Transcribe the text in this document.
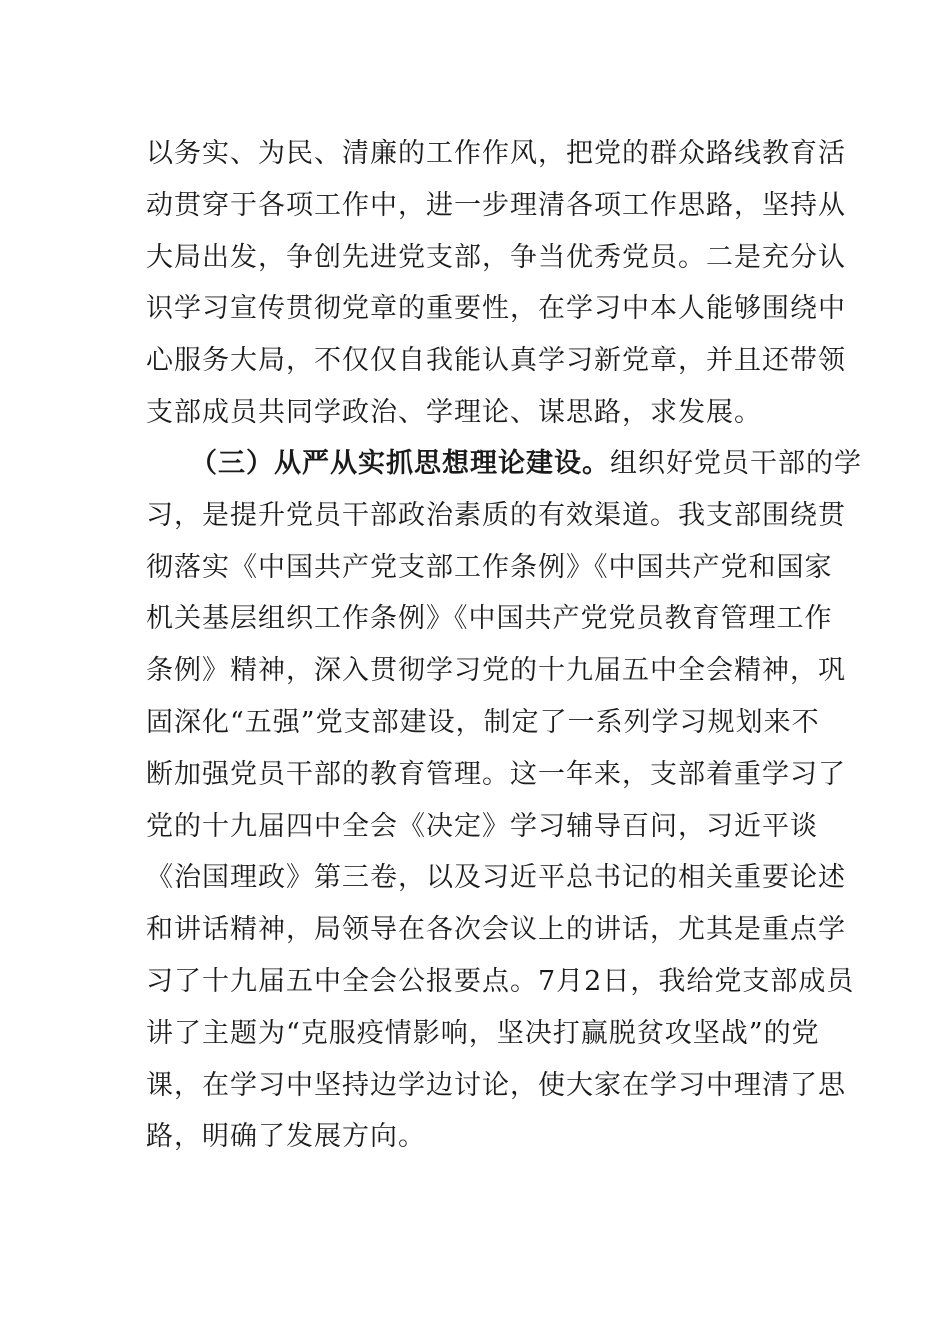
以务实、为民、清廉的工作作风，把党的群众路线教育活
动贯穿于各项工作中，进一步理清各项工作思路，坚持从
大局出发，争创先进党支部，争当优秀党员。二是充分认
识学习宣传贯彻党章的重要性，在学习中本人能够围绕中
心服务大局，不仅仅自我能认真学习新党章，并且还带领
支部成员共同学政治、学理论、谋思路，求发展。
（三）从严从实抓思想理论建设。组织好党员干部的学
习，是提升党员干部政治素质的有效渠道。我支部围绕贯
彻落实《中国共产党支部工作条例》《中国共产党和国家
机关基层组织工作条例》《中国共产党党员教育管理工作
条例》精神，深入贯彻学习党的十九届五中全会精神，巩
固深化“五强”党支部建设，制定了一系列学习规划来不
断加强党员干部的教育管理。这一年来，支部着重学习了
党的十九届四中全会《决定》学习辅导百问，习近平谈
《治国理政》第三卷，以及习近平总书记的相关重要论述
和讲话精神，局领导在各次会议上的讲话，尤其是重点学
习了十九届五中全会公报要点。7月2日，我给党支部成员
讲了主题为“克服疫情影响，坚决打赢脱贫攻坚战”的党
课，在学习中坚持边学边讨论，使大家在学习中理清了思
路，明确了发展方向。
